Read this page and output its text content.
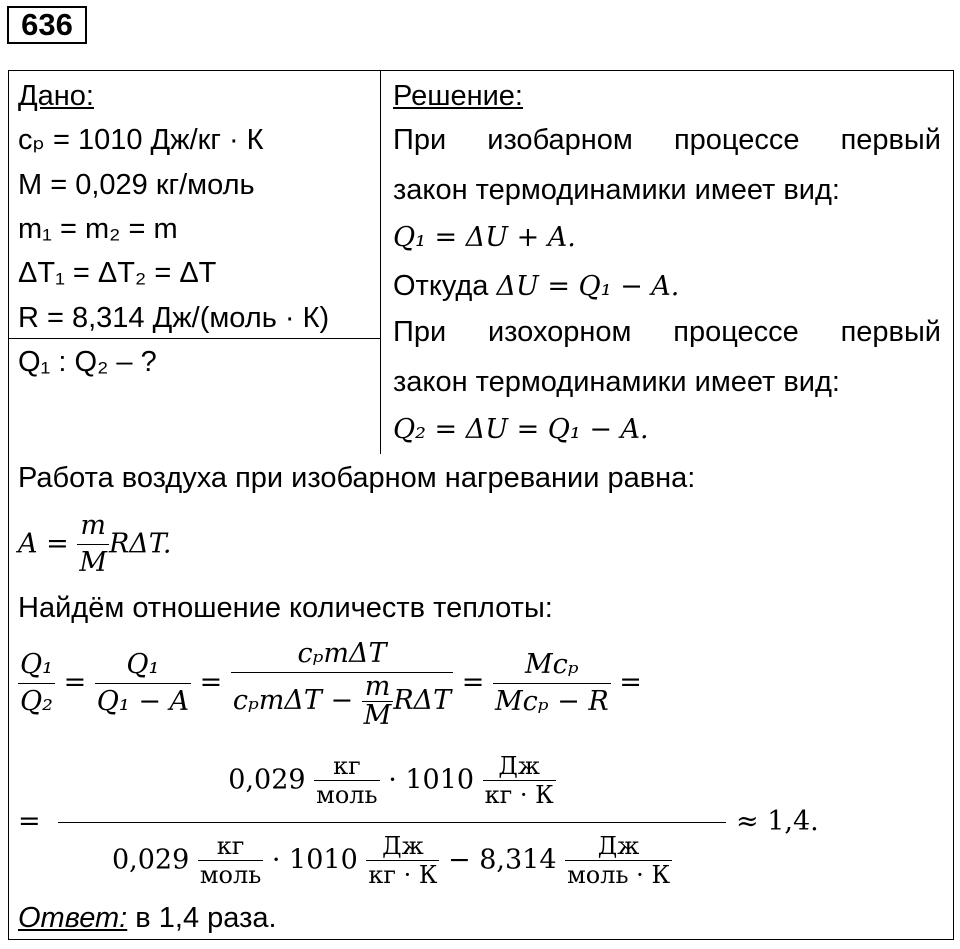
636
Дано:
cₚ = 1010 Дж/кг · К
M = 0,029 кг/моль
m₁ = m₂ = m
ΔT₁ = ΔT₂ = ΔT
R = 8,314 Дж/(моль · К)
Q₁ : Q₂ – ?
Решение:
При изобарном процессе первый
закон термодинамики имеет вид:
Q₁ = ΔU + A.
Откуда ΔU = Q₁ − A.
При изохорном процессе первый
закон термодинамики имеет вид:
Q₂ = ΔU = Q₁ − A.
Работа воздуха при изобарном нагревании равна:
$A = \frac{m}{M} R\Delta T$.
Найдём отношение количеств теплоты:
$\frac{\text{Q₁}}{\text{Q₂}} = \frac{\text{Q₁}}{\text{Q₁ − A}} = \frac{\text{cₚmΔT}}{c_pm\Delta T - \frac{m}{M} R\Delta T} = \frac{\text{Mcₚ}}{\text{Mcₚ − R}}$ =
=
0,029	кг
моль · 1010	Дж
кг · К
0,029	кг
моль · 1010	Дж
кг · К − 8,314	Дж
моль · К
≈ 1,4.
Ответ: в 1,4 раза.
